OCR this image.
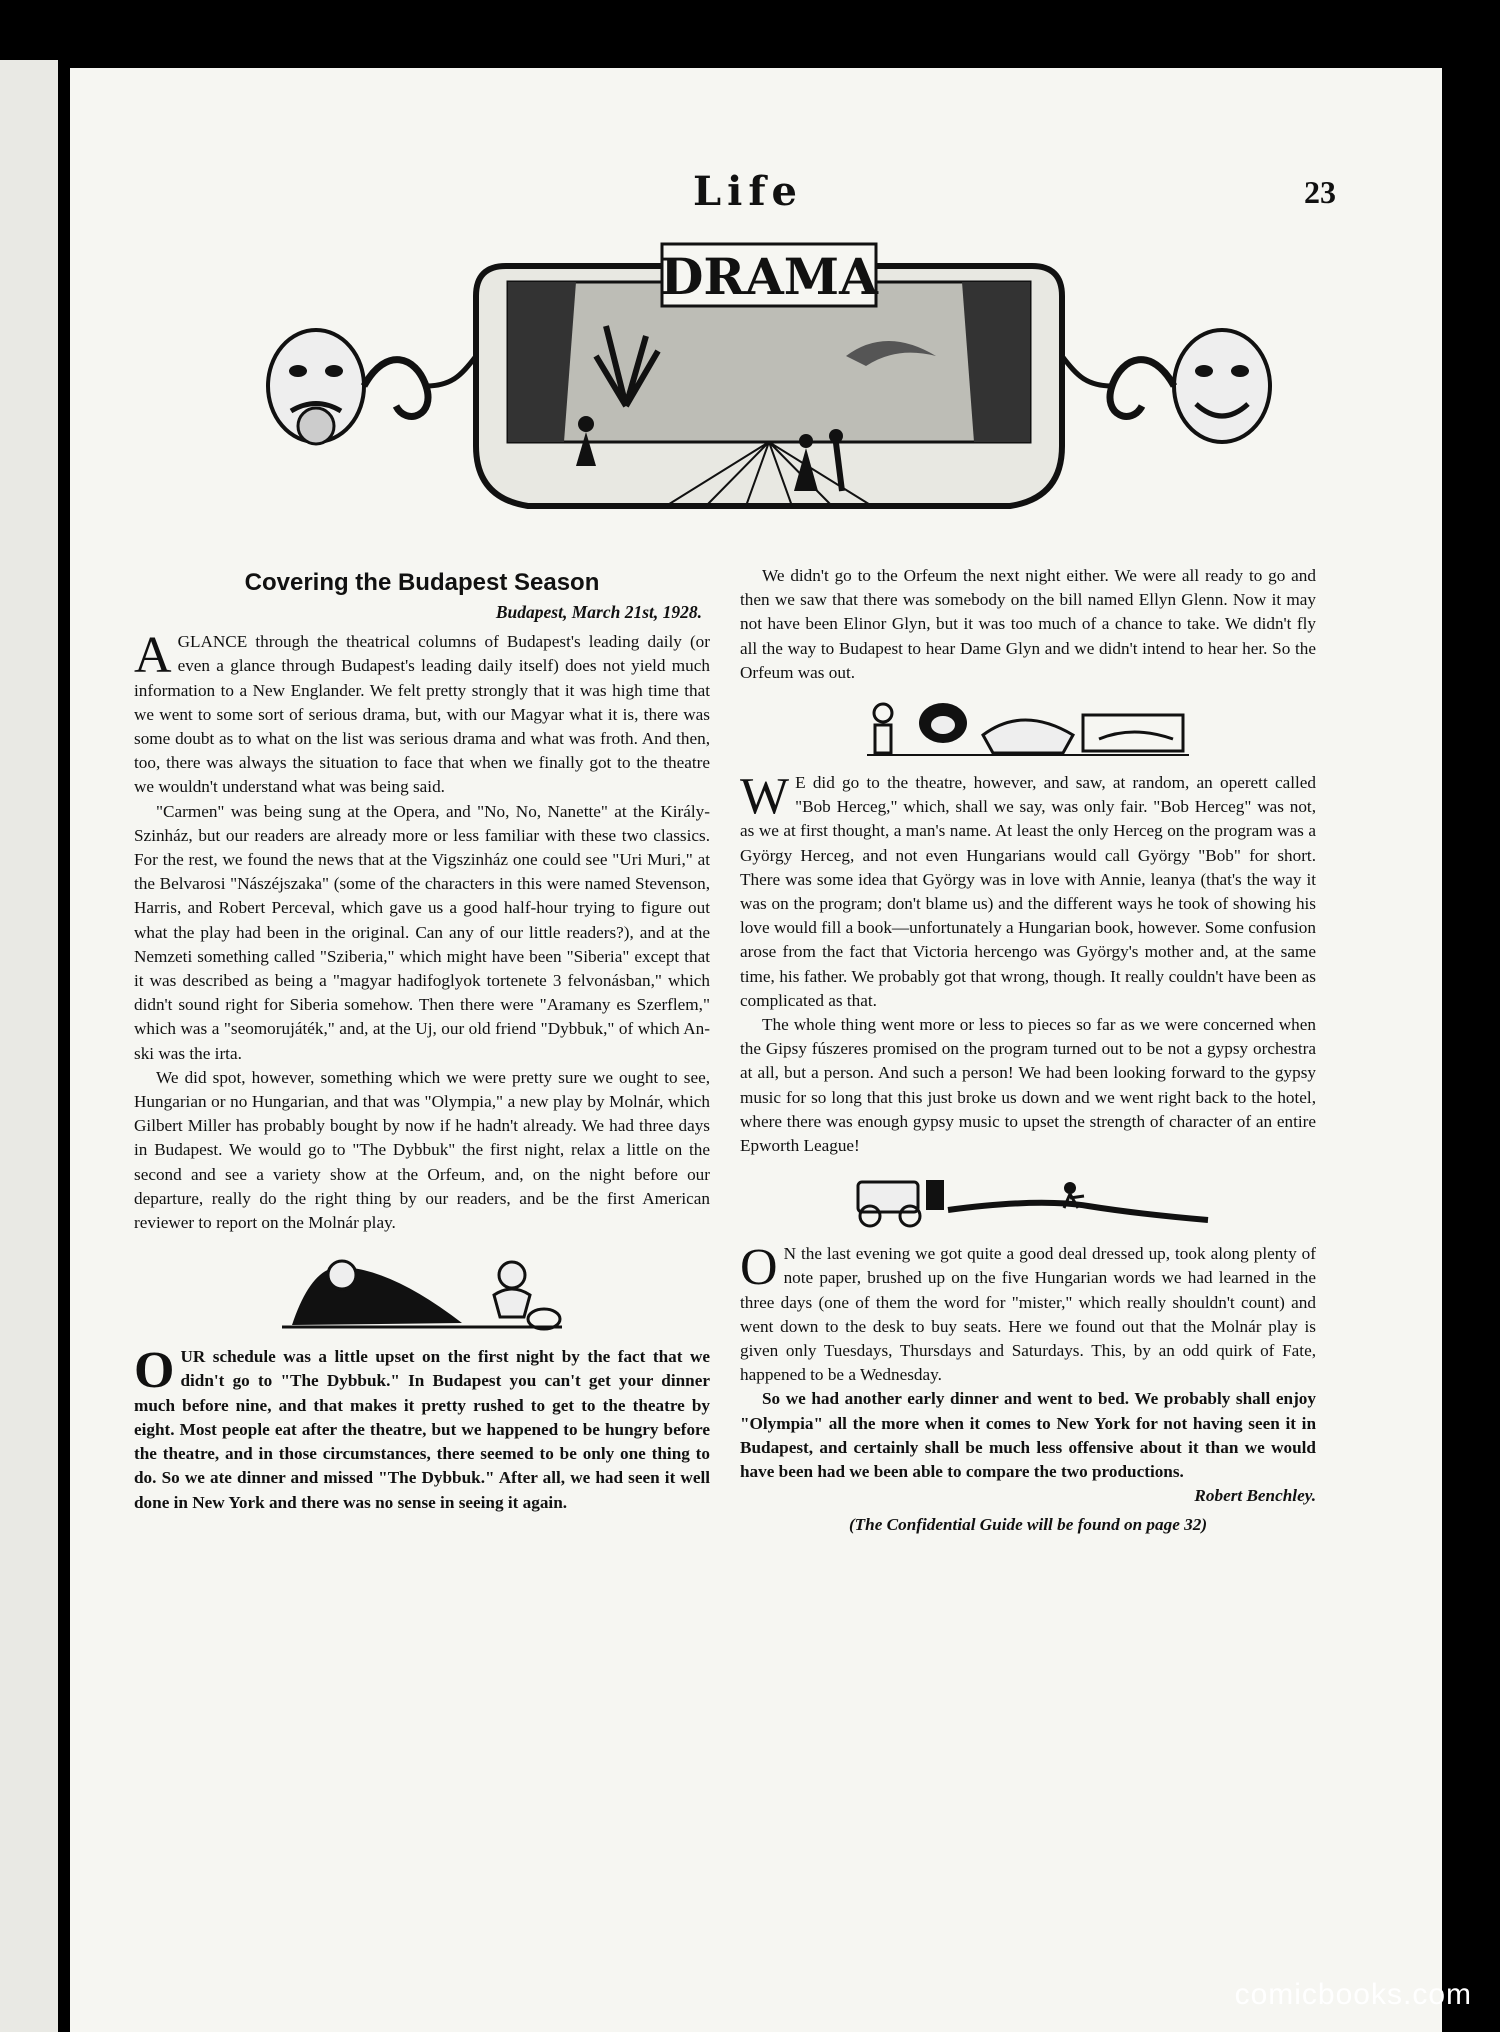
Life	23
DRAMA
Covering the Budapest Season
Budapest, March 21st, 1928.

AGLANCE through the theatrical columns of Budapest's leading daily (or even a glance through Budapest's leading daily itself) does not yield much information to a New Englander. We felt pretty strongly that it was high time that we went to some sort of serious drama, but, with our Magyar what it is, there was some doubt as to what on the list was serious drama and what was froth. And then, too, there was always the situation to face that when we finally got to the theatre we wouldn't understand what was being said.

"Carmen" was being sung at the Opera, and "No, No, Nanette" at the Király-Szinház, but our readers are already more or less familiar with these two classics. For the rest, we found the news that at the Vigszinház one could see "Uri Muri," at the Belvarosi "Nászéjszaka" (some of the characters in this were named Stevenson, Harris, and Robert Perceval, which gave us a good half-hour trying to figure out what the play had been in the original. Can any of our little readers?), and at the Nemzeti something called "Sziberia," which might have been "Siberia" except that it was described as being a "magyar hadifoglyok tortenete 3 felvonásban," which didn't sound right for Siberia somehow. Then there were "Aramany es Szerflem," which was a "seomorujáték," and, at the Uj, our old friend "Dybbuk," of which An-ski was the irta.

We did spot, however, something which we were pretty sure we ought to see, Hungarian or no Hungarian, and that was "Olympia," a new play by Molnár, which Gilbert Miller has probably bought by now if he hadn't already. We had three days in Budapest. We would go to "The Dybbuk" the first night, relax a little on the second and see a variety show at the Orfeum, and, on the night before our departure, really do the right thing by our readers, and be the first American reviewer to report on the Molnár play.

OUR schedule was a little upset on the first night by the fact that we didn't go to "The Dybbuk." In Budapest you can't get your dinner much before nine, and that makes it pretty rushed to get to the theatre by eight. Most people eat after the theatre, but we happened to be hungry before the theatre, and in those circumstances, there seemed to be only one thing to do. So we ate dinner and missed "The Dybbuk." After all, we had seen it well done in New York and there was no sense in seeing it again.

We didn't go to the Orfeum the next night either. We were all ready to go and then we saw that there was somebody on the bill named Ellyn Glenn. Now it may not have been Elinor Glyn, but it was too much of a chance to take. We didn't fly all the way to Budapest to hear Dame Glyn and we didn't intend to hear her. So the Orfeum was out.

W E did go to the theatre, however, and saw, at random, an operett called "Bob Herceg," which, shall we say, was only fair. "Bob Herceg" was not, as we at first thought, a man's name. At least the only Herceg on the program was a György Herceg, and not even Hungarians would call György "Bob" for short. There was some idea that György was in love with Annie, leanya (that's the way it was on the program; don't blame us) and the different ways he took of showing his love would fill a book—unfortunately a Hungarian book, however. Some confusion arose from the fact that Victoria hercengo was György's mother and, at the same time, his father. We probably got that wrong, though. It really couldn't have been as complicated as that.

The whole thing went more or less to pieces so far as we were concerned when the Gipsy fúszeres promised on the program turned out to be not a gypsy orchestra at all, but a person. And such a person! We had been looking forward to the gypsy music for so long that this just broke us down and we went right back to the hotel, where there was enough gypsy music to upset the strength of character of an entire Epworth League!

O N the last evening we got quite a good deal dressed up, took along plenty of note paper, brushed up on the five Hungarian words we had learned in the three days (one of them the word for "mister," which really shouldn't count) and went down to the desk to buy seats. Here we found out that the Molnár play is given only Tuesdays, Thursdays and Saturdays. This, by an odd quirk of Fate, happened to be a Wednesday.

So we had another early dinner and went to bed. We probably shall enjoy "Olympia" all the more when it comes to New York for not having seen it in Budapest, and certainly shall be much less offensive about it than we would have been had we been able to compare the two productions.
Robert Benchley.

(The Confidential Guide will be found on page 32)
comicbooks.com
